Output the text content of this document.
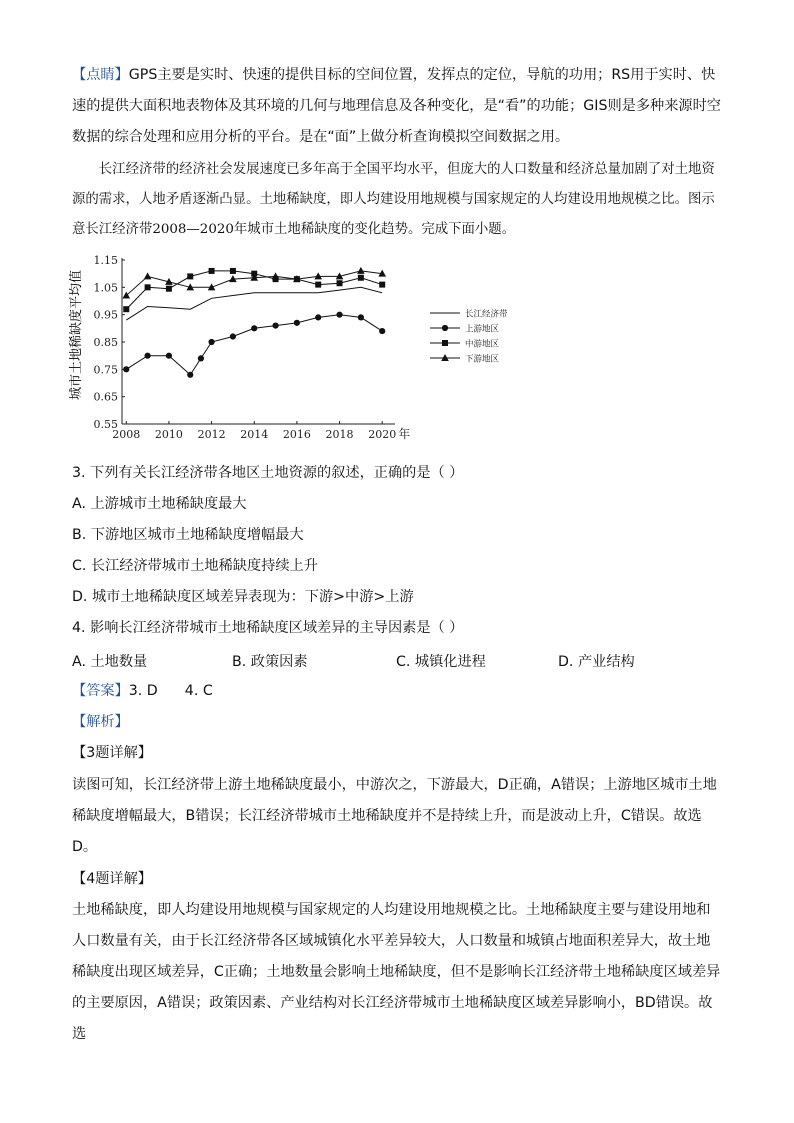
【点睛】GPS主要是实时、快速的提供目标的空间位置，发挥点的定位，导航的功用；RS用于实时、快速的提供大面积地表物体及其环境的几何与地理信息及各种变化，是“看”的功能；GIS则是多种来源时空数据的综合处理和应用分析的平台。是在“面”上做分析查询模拟空间数据之用。
长江经济带的经济社会发展速度已多年高于全国平均水平，但庞大的人口数量和经济总量加剧了对土地资源的需求，人地矛盾逐渐凸显。土地稀缺度，即人均建设用地规模与国家规定的人均建设用地规模之比。图示意长江经济带2008—2020年城市土地稀缺度的变化趋势。完成下面小题。
城市土地稀缺度平均值
0.55
0.65
0.75
0.85
0.95
1.05
1.15
2008 2010 2012 2014 2016 2018 2020 年
长江经济带
上游地区
中游地区
下游地区
3. 下列有关长江经济带各地区土地资源的叙述，正确的是（ ）
A. 上游城市土地稀缺度最大
B. 下游地区城市土地稀缺度增幅最大
C. 长江经济带城市土地稀缺度持续上升
D. 城市土地稀缺度区域差异表现为：下游>中游>上游
4. 影响长江经济带城市土地稀缺度区域差异的主导因素是（ ）
A. 土地数量	B. 政策因素	C. 城镇化进程	D. 产业结构
【答案】3. D      4. C
【解析】
【3题详解】
读图可知，长江经济带上游土地稀缺度最小，中游次之，下游最大，D正确，A错误；上游地区城市土地稀缺度增幅最大，B错误；长江经济带城市土地稀缺度并不是持续上升，而是波动上升，C错误。故选D。
【4题详解】
土地稀缺度，即人均建设用地规模与国家规定的人均建设用地规模之比。土地稀缺度主要与建设用地和人口数量有关，由于长江经济带各区域城镇化水平差异较大，人口数量和城镇占地面积差异大，故土地稀缺度出现区域差异，C正确；土地数量会影响土地稀缺度，但不是影响长江经济带土地稀缺度区域差异的主要原因，A错误；政策因素、产业结构对长江经济带城市土地稀缺度区域差异影响小，BD错误。故选
